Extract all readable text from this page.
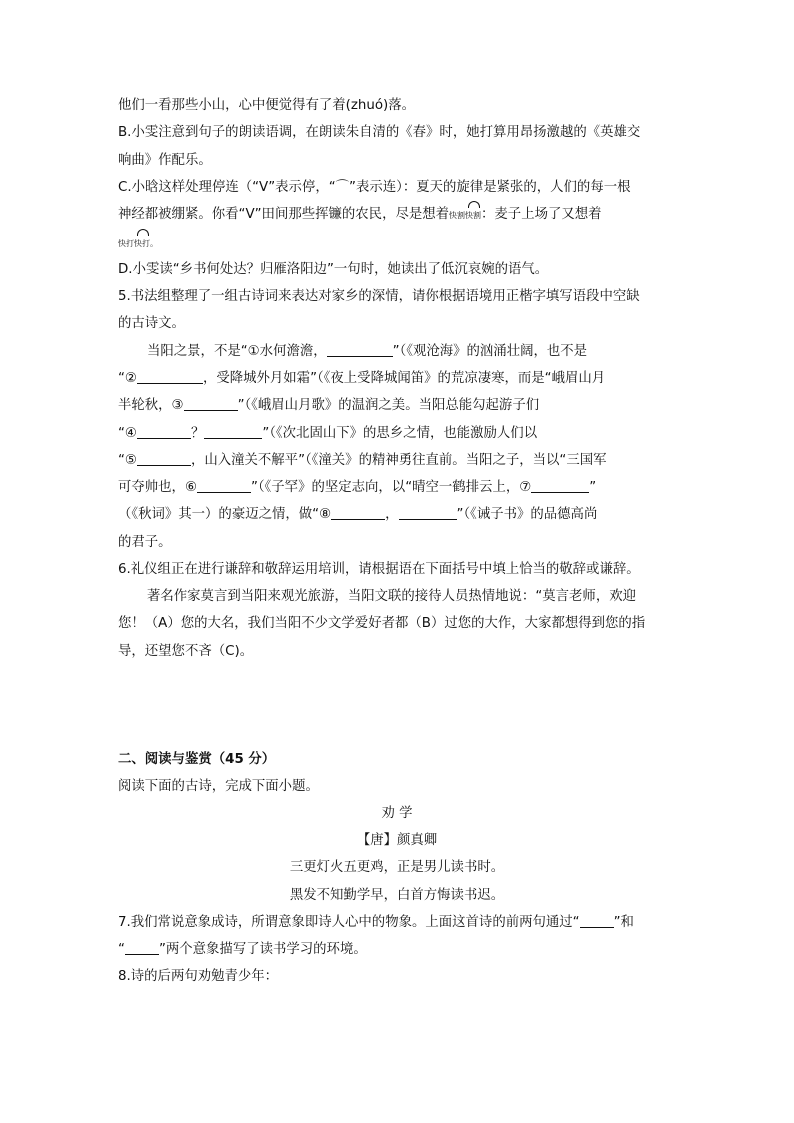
他们一看那些小山，心中便觉得有了着(zhuó)落。
B.小雯注意到句子的朗读语调，在朗读朱自清的《春》时，她打算用昂扬激越的《英雄交
响曲》作配乐。
C.小晗这样处理停连（“V”表示停，“⌒”表示连）：夏天的旋律是紧张的，人们的每一根
神经都被绷紧。你看“V”田间那些挥镰的农民，尽是想着快割快割：麦子上场了又想着
快打快打。
D.小雯读“乡书何处达？归雁洛阳边”一句时，她读出了低沉哀婉的语气。
5.书法组整理了一组古诗词来表达对家乡的深情，请你根据语境用正楷字填写语段中空缺
的古诗文。
当阳之景，不是“①水何澹澹，	”（《观沧海》的汹涌壮阔，也不是
“②	，受降城外月如霜”（《夜上受降城闻笛》的荒凉凄寒，而是“峨眉山月
半轮秋，③	”（《峨眉山月歌》的温润之美。当阳总能勾起游子们
“④	？	”（《次北固山下》的思乡之情，也能激励人们以
“⑤	，山入潼关不解平”（《潼关》的精神勇往直前。当阳之子，当以“三国军
可夺帅也，⑥	”（《子罕》的坚定志向，以“晴空一鹤排云上，⑦	”
（《秋词》其一）的豪迈之情，做“⑧	，	”（《诫子书》的品德高尚
的君子。
6.礼仪组正在进行谦辞和敬辞运用培训，请根据语在下面括号中填上恰当的敬辞或谦辞。
著名作家莫言到当阳来观光旅游，当阳文联的接待人员热情地说：“莫言老师，欢迎
您！（A）您的大名，我们当阳不少文学爱好者都（B）过您的大作，大家都想得到您的指
导，还望您不吝（C)。
二、阅读与鉴赏（45 分）
阅读下面的古诗，完成下面小题。
劝 学
【唐】颜真卿
三更灯火五更鸡，正是男儿读书时。
黑发不知勤学早，白首方悔读书迟。
7.我们常说意象成诗，所谓意象即诗人心中的物象。上面这首诗的前两句通过“	”和
“	”两个意象描写了读书学习的环境。
8.诗的后两句劝勉青少年：
